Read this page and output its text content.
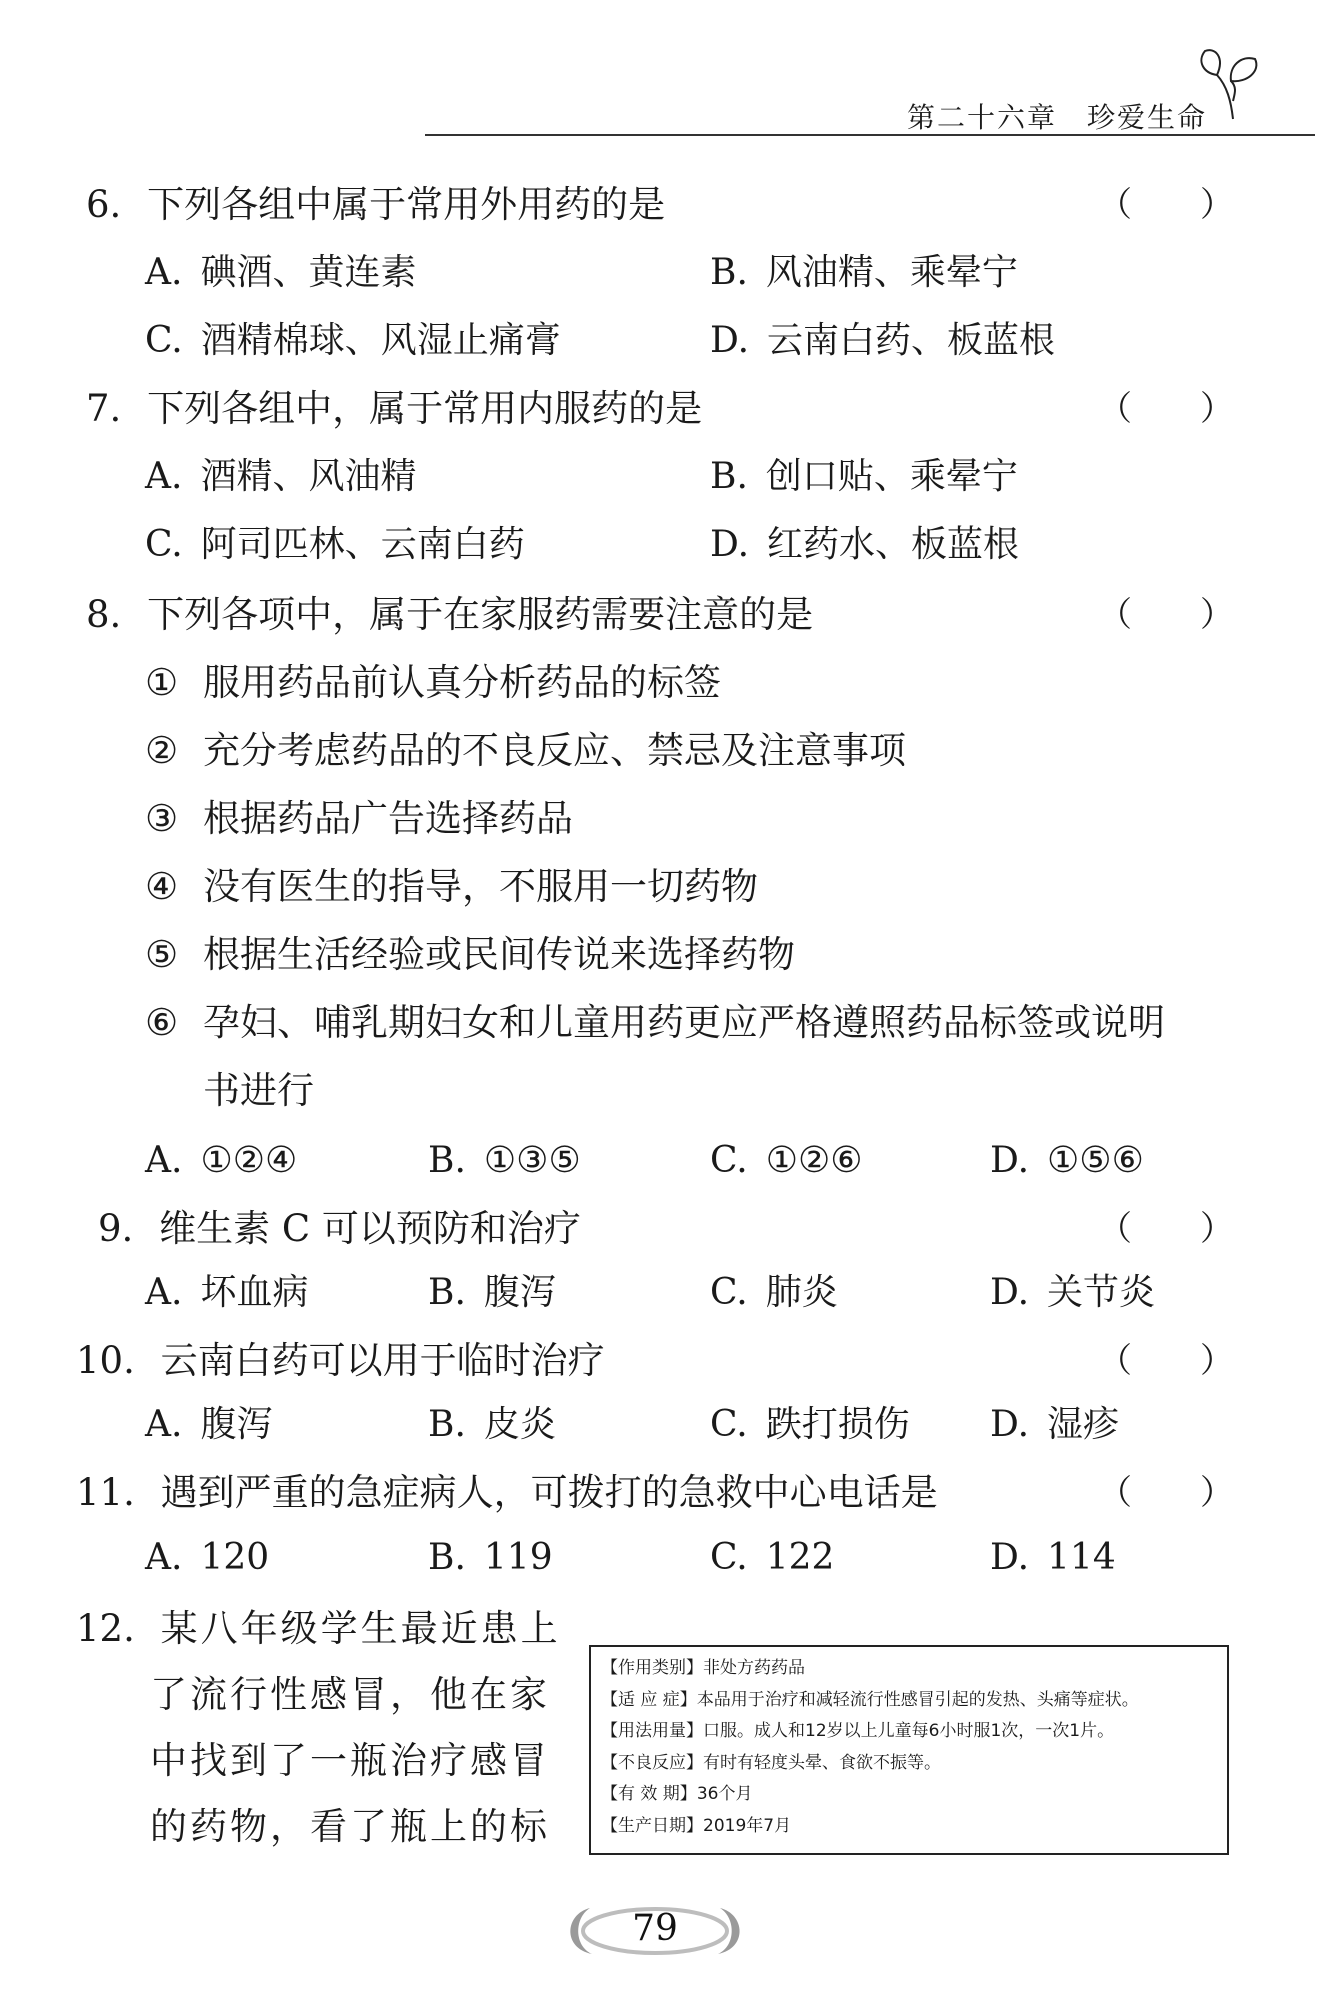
第二十六章　珍爱生命
6. 下列各组中属于常用外用药的是	（　　）
A. 碘酒、黄连素	B. 风油精、乘晕宁
C. 酒精棉球、风湿止痛膏	D. 云南白药、板蓝根
7. 下列各组中，属于常用内服药的是	（　　）
A. 酒精、风油精	B. 创口贴、乘晕宁
C. 阿司匹林、云南白药	D. 红药水、板蓝根
8. 下列各项中，属于在家服药需要注意的是	（　　）
① 服用药品前认真分析药品的标签
② 充分考虑药品的不良反应、禁忌及注意事项
③ 根据药品广告选择药品
④ 没有医生的指导，不服用一切药物
⑤ 根据生活经验或民间传说来选择药物
⑥ 孕妇、哺乳期妇女和儿童用药更应严格遵照药品标签或说明
书进行
A. ①②④	B. ①③⑤	C. ①②⑥	D. ①⑤⑥
9. 维生素 C 可以预防和治疗	（　　）
A. 坏血病	B. 腹泻	C. 肺炎	D. 关节炎
10. 云南白药可以用于临时治疗	（　　）
A. 腹泻	B. 皮炎	C. 跌打损伤 D. 湿疹
11. 遇到严重的急症病人，可拨打的急救中心电话是	（　　）
A. 120	B. 119	C. 122	D. 114
12. 某八年级学生最近患上
了流行性感冒，他在家
中找到了一瓶治疗感冒
的药物，看了瓶上的标
【作用类别】非处方药药品
【适 应 症】本品用于治疗和减轻流行性感冒引起的发热、头痛等症状。
【用法用量】口服。成人和12岁以上儿童每6小时服1次，一次1片。
【不良反应】有时有轻度头晕、食欲不振等。
【有 效 期】36个月
【生产日期】2019年7月
79
